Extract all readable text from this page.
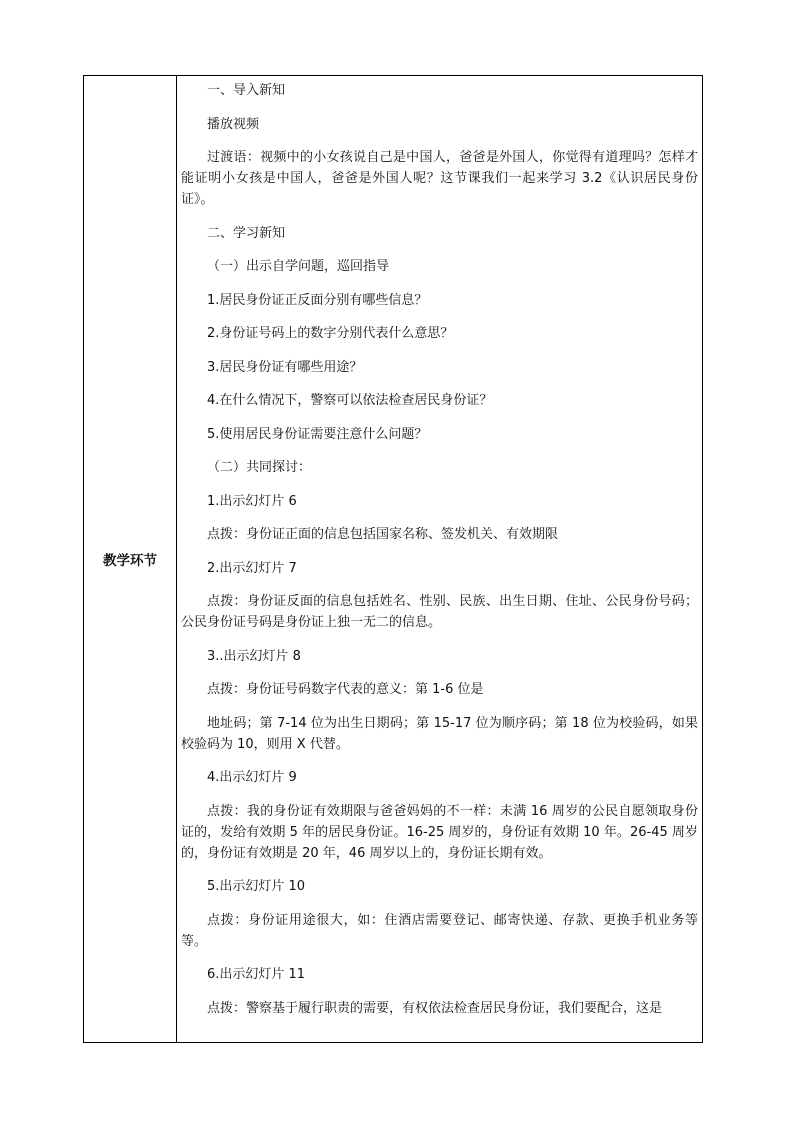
教学环节	

一、导入新知

播放视频

过渡语：视频中的小女孩说自己是中国人，爸爸是外国人，你觉得有道理吗？怎样才能证明小女孩是中国人，爸爸是外国人呢？这节课我们一起来学习 3.2《认识居民身份证》。

二、学习新知

（一）出示自学问题，巡回指导

1.居民身份证正反面分别有哪些信息？

2.身份证号码上的数字分别代表什么意思？

3.居民身份证有哪些用途？

4.在什么情况下，警察可以依法检查居民身份证？

5.使用居民身份证需要注意什么问题？

（二）共同探讨：

1.出示幻灯片 6

点拨：身份证正面的信息包括国家名称、签发机关、有效期限

2.出示幻灯片 7

点拨：身份证反面的信息包括姓名、性别、民族、出生日期、住址、公民身份号码；公民身份证号码是身份证上独一无二的信息。

3..出示幻灯片 8

点拨：身份证号码数字代表的意义：第 1-6 位是

地址码；第 7-14 位为出生日期码；第 15-17 位为顺序码；第 18 位为校验码，如果校验码为 10，则用 X 代替。

4.出示幻灯片 9

点拨：我的身份证有效期限与爸爸妈妈的不一样：未满 16 周岁的公民自愿领取身份证的，发给有效期 5 年的居民身份证。16-25 周岁的，身份证有效期 10 年。26-45 周岁的，身份证有效期是 20 年，46 周岁以上的，身份证长期有效。

5.出示幻灯片 10

点拨：身份证用途很大，如：住酒店需要登记、邮寄快递、存款、更换手机业务等等。

6.出示幻灯片 11

点拨：警察基于履行职责的需要，有权依法检查居民身份证，我们要配合，这是
